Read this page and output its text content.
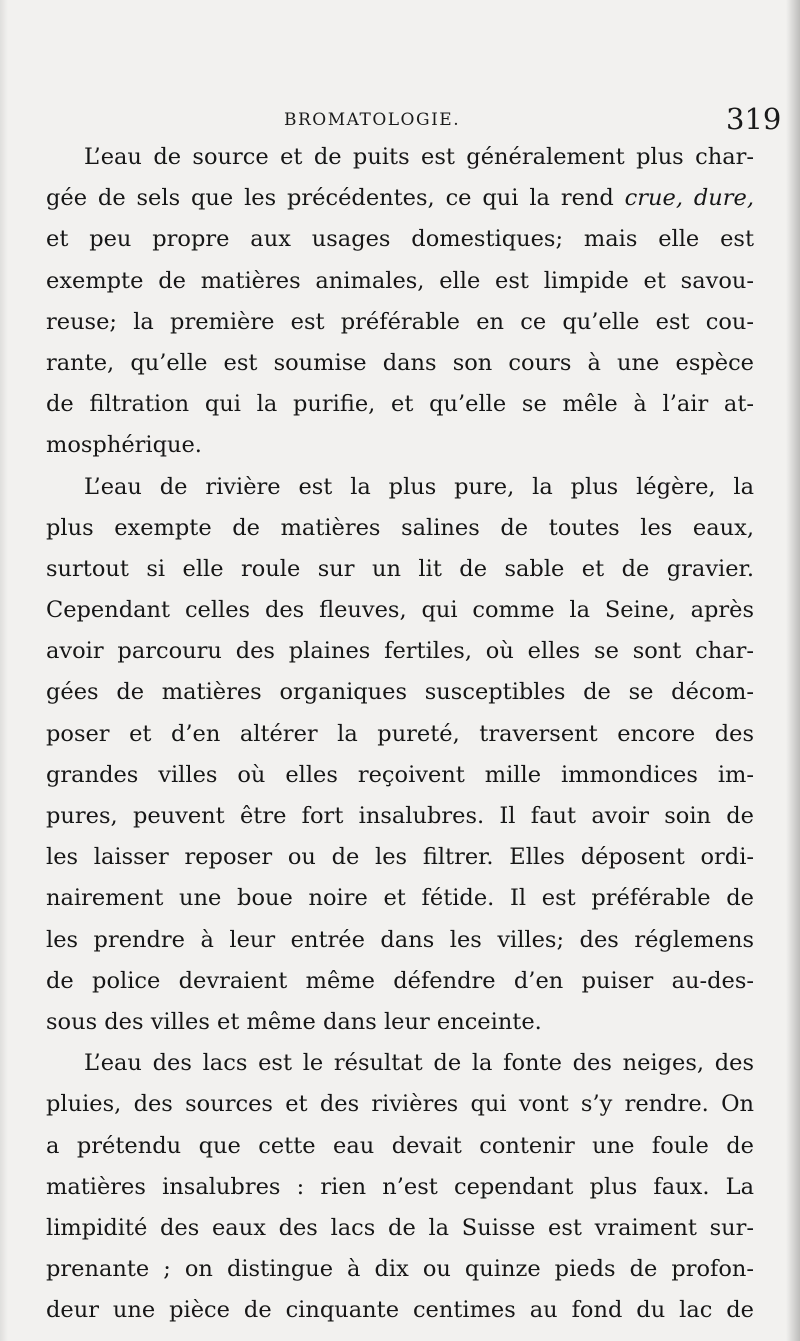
BROMATOLOGIE.	319
L’eau de source et de puits est généralement plus char-
gée de sels que les précédentes, ce qui la rend crue, dure,
et peu propre aux usages domestiques; mais elle est
exempte de matières animales, elle est limpide et savou-
reuse; la première est préférable en ce qu’elle est cou-
rante, qu’elle est soumise dans son cours à une espèce
de filtration qui la purifie, et qu’elle se mêle à l’air at-
mosphérique.
L’eau de rivière est la plus pure, la plus légère, la
plus exempte de matières salines de toutes les eaux,
surtout si elle roule sur un lit de sable et de gravier.
Cependant celles des fleuves, qui comme la Seine, après
avoir parcouru des plaines fertiles, où elles se sont char-
gées de matières organiques susceptibles de se décom-
poser et d’en altérer la pureté, traversent encore des
grandes villes où elles reçoivent mille immondices im-
pures, peuvent être fort insalubres. Il faut avoir soin de
les laisser reposer ou de les filtrer. Elles déposent ordi-
nairement une boue noire et fétide. Il est préférable de
les prendre à leur entrée dans les villes; des réglemens
de police devraient même défendre d’en puiser au-des-
sous des villes et même dans leur enceinte.
L’eau des lacs est le résultat de la fonte des neiges, des
pluies, des sources et des rivières qui vont s’y rendre. On
a prétendu que cette eau devait contenir une foule de
matières insalubres : rien n’est cependant plus faux. La
limpidité des eaux des lacs de la Suisse est vraiment sur-
prenante ; on distingue à dix ou quinze pieds de profon-
deur une pièce de cinquante centimes au fond du lac de
